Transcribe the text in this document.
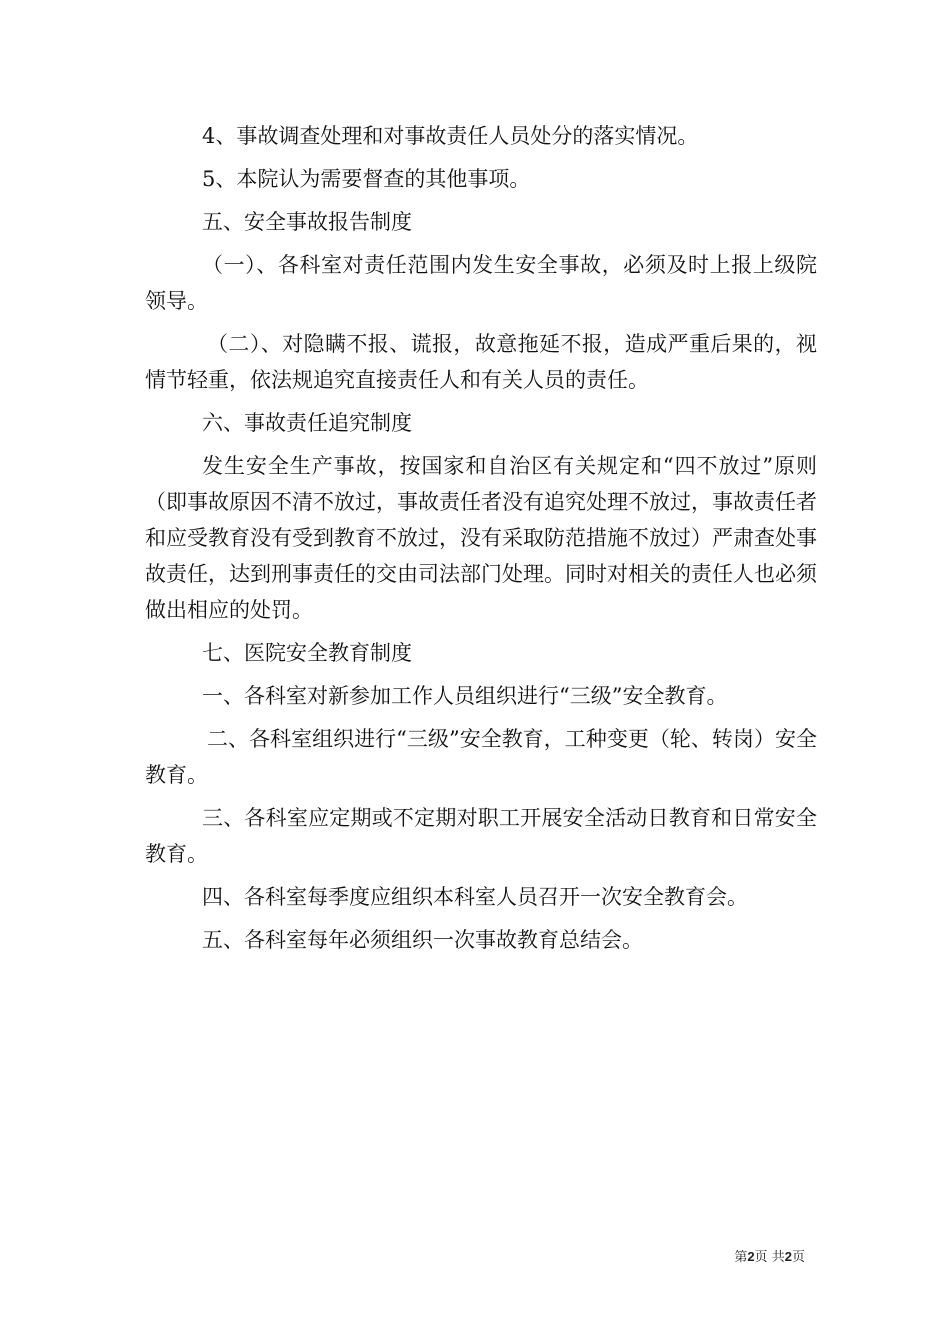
4、事故调查处理和对事故责任人员处分的落实情况。

5、本院认为需要督查的其他事项。

五、安全事故报告制度

（一）、各科室对责任范围内发生安全事故，必须及时上报上级院领导。

（二）、对隐瞒不报、谎报，故意拖延不报，造成严重后果的，视情节轻重，依法规追究直接责任人和有关人员的责任。

六、事故责任追究制度

发生安全生产事故，按国家和自治区有关规定和“四不放过”原则（即事故原因不清不放过，事故责任者没有追究处理不放过，事故责任者和应受教育没有受到教育不放过，没有采取防范措施不放过）严肃查处事故责任，达到刑事责任的交由司法部门处理。同时对相关的责任人也必须做出相应的处罚。

七、医院安全教育制度

一、各科室对新参加工作人员组织进行“三级”安全教育。

二、各科室组织进行“三级”安全教育，工种变更（轮、转岗）安全教育。

三、各科室应定期或不定期对职工开展安全活动日教育和日常安全教育。

四、各科室每季度应组织本科室人员召开一次安全教育会。

五、各科室每年必须组织一次事故教育总结会。

第2页 共2页
